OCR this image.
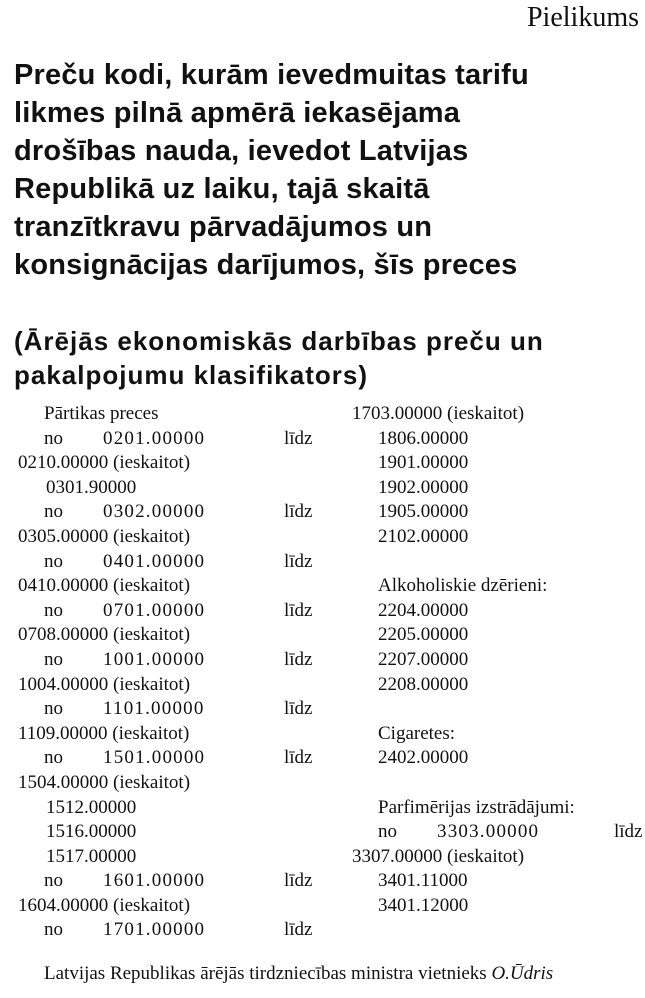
Pielikums
Preču kodi, kurām ievedmuitas tarifu
likmes pilnā apmērā iekasējama
drošības nauda, ievedot Latvijas
Republikā uz laiku, tajā skaitā
tranzītkravu pārvadājumos un
konsignācijas darījumos, šīs preces
(Ārējās ekonomiskās darbības preču un
pakalpojumu klasifikators)
Pārtikas preces
no 0201.00000	līdz
0210.00000 (ieskaitot)
0301.90000
no 0302.00000	līdz
0305.00000 (ieskaitot)
no 0401.00000	līdz
0410.00000 (ieskaitot)
no 0701.00000	līdz
0708.00000 (ieskaitot)
no 1001.00000	līdz
1004.00000 (ieskaitot)
no 1101.00000	līdz
1109.00000 (ieskaitot)
no 1501.00000	līdz
1504.00000 (ieskaitot)
1512.00000
1516.00000
1517.00000
no 1601.00000	līdz
1604.00000 (ieskaitot)
no 1701.00000	līdz
1703.00000 (ieskaitot)
1806.00000
1901.00000
1902.00000
1905.00000
2102.00000
Alkoholiskie dzērieni:
2204.00000
2205.00000
2207.00000
2208.00000
Cigaretes:
2402.00000
Parfimērijas izstrādājumi:
no 3303.00000	līdz
3307.00000 (ieskaitot)
3401.11000
3401.12000
Latvijas Republikas ārējās tirdzniecības ministra vietnieks O.Ūdris
